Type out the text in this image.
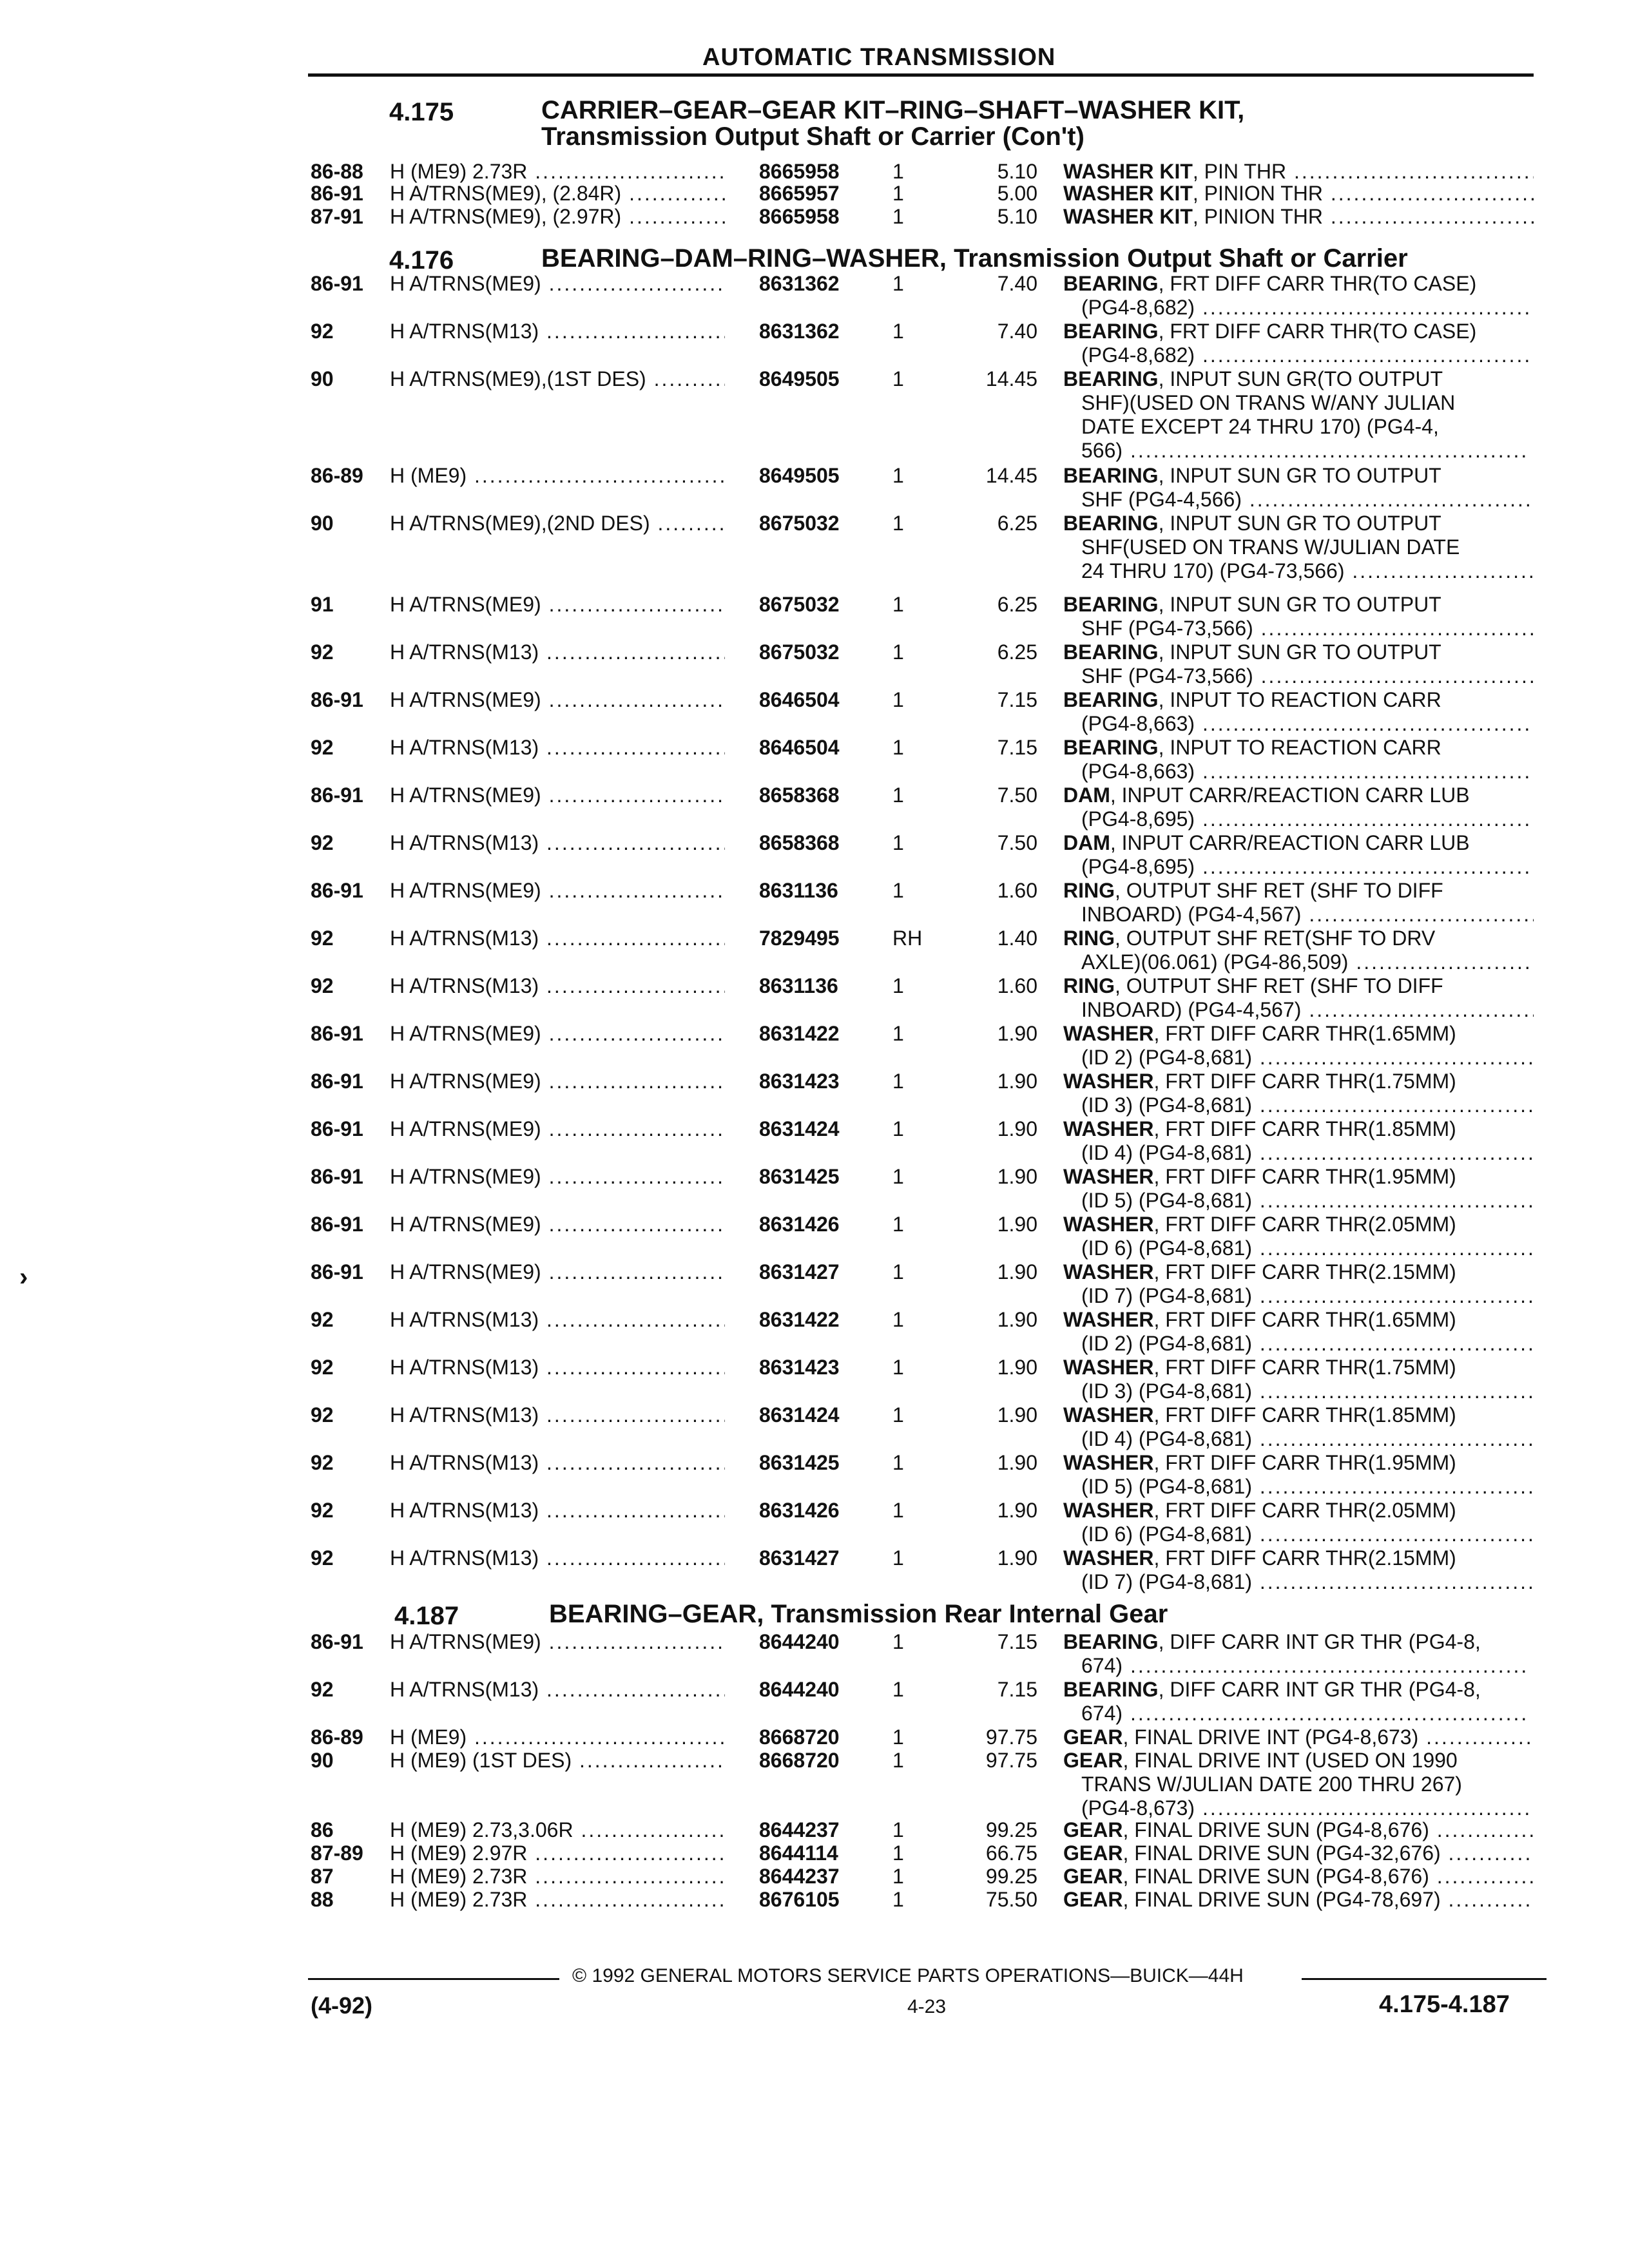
AUTOMATIC TRANSMISSION
4.175	CARRIER–GEAR–GEAR KIT–RING–SHAFT–WASHER KIT,
Transmission Output Shaft or Carrier (Con't)
4.176	BEARING–DAM–RING–WASHER, Transmission Output Shaft or Carrier
4.187	BEARING–GEAR, Transmission Rear Internal Gear
86-88 H (ME9) 2.73R .....	8665958	1	5.10 WASHER KIT, PIN THR .....
86-91 H A/TRNS(ME9), (2.84R) .....	8665957	1	5.00 WASHER KIT, PINION THR .....
87-91 H A/TRNS(ME9), (2.97R) .....	8665958	1	5.10 WASHER KIT, PINION THR .....
86-91 H A/TRNS(ME9) .....	8631362	1	7.40 BEARING, FRT DIFF CARR THR(TO CASE)
(PG4-8,682) .....
92	H A/TRNS(M13) .....	8631362	1	7.40 BEARING, FRT DIFF CARR THR(TO CASE)
(PG4-8,682) .....
90	H A/TRNS(ME9),(1ST DES) .....	8649505	1	14.45 BEARING, INPUT SUN GR(TO OUTPUT
SHF)(USED ON TRANS W/ANY JULIAN
DATE EXCEPT 24 THRU 170) (PG4-4,
566) .....
86-89 H (ME9) .....	8649505	1	14.45 BEARING, INPUT SUN GR TO OUTPUT
SHF (PG4-4,566) .....
90	H A/TRNS(ME9),(2ND DES) .....	8675032	1	6.25 BEARING, INPUT SUN GR TO OUTPUT
SHF(USED ON TRANS W/JULIAN DATE
24 THRU 170) (PG4-73,566) .....
91	H A/TRNS(ME9) .....	8675032	1	6.25 BEARING, INPUT SUN GR TO OUTPUT
SHF (PG4-73,566) .....
92	H A/TRNS(M13) .....	8675032	1	6.25 BEARING, INPUT SUN GR TO OUTPUT
SHF (PG4-73,566) .....
86-91 H A/TRNS(ME9) .....	8646504	1	7.15 BEARING, INPUT TO REACTION CARR
(PG4-8,663) .....
92	H A/TRNS(M13) .....	8646504	1	7.15 BEARING, INPUT TO REACTION CARR
(PG4-8,663) .....
86-91 H A/TRNS(ME9) .....	8658368	1	7.50 DAM, INPUT CARR/REACTION CARR LUB
(PG4-8,695) .....
92	H A/TRNS(M13) .....	8658368	1	7.50 DAM, INPUT CARR/REACTION CARR LUB
(PG4-8,695) .....
86-91 H A/TRNS(ME9) .....	8631136	1	1.60 RING, OUTPUT SHF RET (SHF TO DIFF
INBOARD) (PG4-4,567) .....
92	H A/TRNS(M13) .....	7829495	RH	1.40 RING, OUTPUT SHF RET(SHF TO DRV
AXLE)(06.061) (PG4-86,509) .....
92	H A/TRNS(M13) .....	8631136	1	1.60 RING, OUTPUT SHF RET (SHF TO DIFF
INBOARD) (PG4-4,567) .....
86-91 H A/TRNS(ME9) .....	8631422	1	1.90 WASHER, FRT DIFF CARR THR(1.65MM)
(ID 2) (PG4-8,681) .....
86-91 H A/TRNS(ME9) .....	8631423	1	1.90 WASHER, FRT DIFF CARR THR(1.75MM)
(ID 3) (PG4-8,681) .....
86-91 H A/TRNS(ME9) .....	8631424	1	1.90 WASHER, FRT DIFF CARR THR(1.85MM)
(ID 4) (PG4-8,681) .....
86-91 H A/TRNS(ME9) .....	8631425	1	1.90 WASHER, FRT DIFF CARR THR(1.95MM)
(ID 5) (PG4-8,681) .....
86-91 H A/TRNS(ME9) .....	8631426	1	1.90 WASHER, FRT DIFF CARR THR(2.05MM)
(ID 6) (PG4-8,681) .....
86-91 H A/TRNS(ME9) .....	8631427	1	1.90 WASHER, FRT DIFF CARR THR(2.15MM)
(ID 7) (PG4-8,681) .....
92	H A/TRNS(M13) .....	8631422	1	1.90 WASHER, FRT DIFF CARR THR(1.65MM)
(ID 2) (PG4-8,681) .....
92	H A/TRNS(M13) .....	8631423	1	1.90 WASHER, FRT DIFF CARR THR(1.75MM)
(ID 3) (PG4-8,681) .....
92	H A/TRNS(M13) .....	8631424	1	1.90 WASHER, FRT DIFF CARR THR(1.85MM)
(ID 4) (PG4-8,681) .....
92	H A/TRNS(M13) .....	8631425	1	1.90 WASHER, FRT DIFF CARR THR(1.95MM)
(ID 5) (PG4-8,681) .....
92	H A/TRNS(M13) .....	8631426	1	1.90 WASHER, FRT DIFF CARR THR(2.05MM)
(ID 6) (PG4-8,681) .....
92	H A/TRNS(M13) .....	8631427	1	1.90 WASHER, FRT DIFF CARR THR(2.15MM)
(ID 7) (PG4-8,681) .....
86-91 H A/TRNS(ME9) .....	8644240	1	7.15 BEARING, DIFF CARR INT GR THR (PG4-8,
674) .....
92	H A/TRNS(M13) .....	8644240	1	7.15 BEARING, DIFF CARR INT GR THR (PG4-8,
674) .....
86-89 H (ME9) .....	8668720	1	97.75 GEAR, FINAL DRIVE INT (PG4-8,673) .....
90	H (ME9) (1ST DES) .....	8668720	1	97.75 GEAR, FINAL DRIVE INT (USED ON 1990
TRANS W/JULIAN DATE 200 THRU 267)
(PG4-8,673) .....
86	H (ME9) 2.73,3.06R .....	8644237	1	99.25 GEAR, FINAL DRIVE SUN (PG4-8,676) .....
87-89 H (ME9) 2.97R .....	8644114	1	66.75 GEAR, FINAL DRIVE SUN (PG4-32,676) .....
87	H (ME9) 2.73R .....	8644237	1	99.25 GEAR, FINAL DRIVE SUN (PG4-8,676) .....
88	H (ME9) 2.73R .....	8676105	1	75.50 GEAR, FINAL DRIVE SUN (PG4-78,697) .....
›
© 1992 GENERAL MOTORS SERVICE PARTS OPERATIONS—BUICK—44H
(4-92)	4-23	4.175-4.187
